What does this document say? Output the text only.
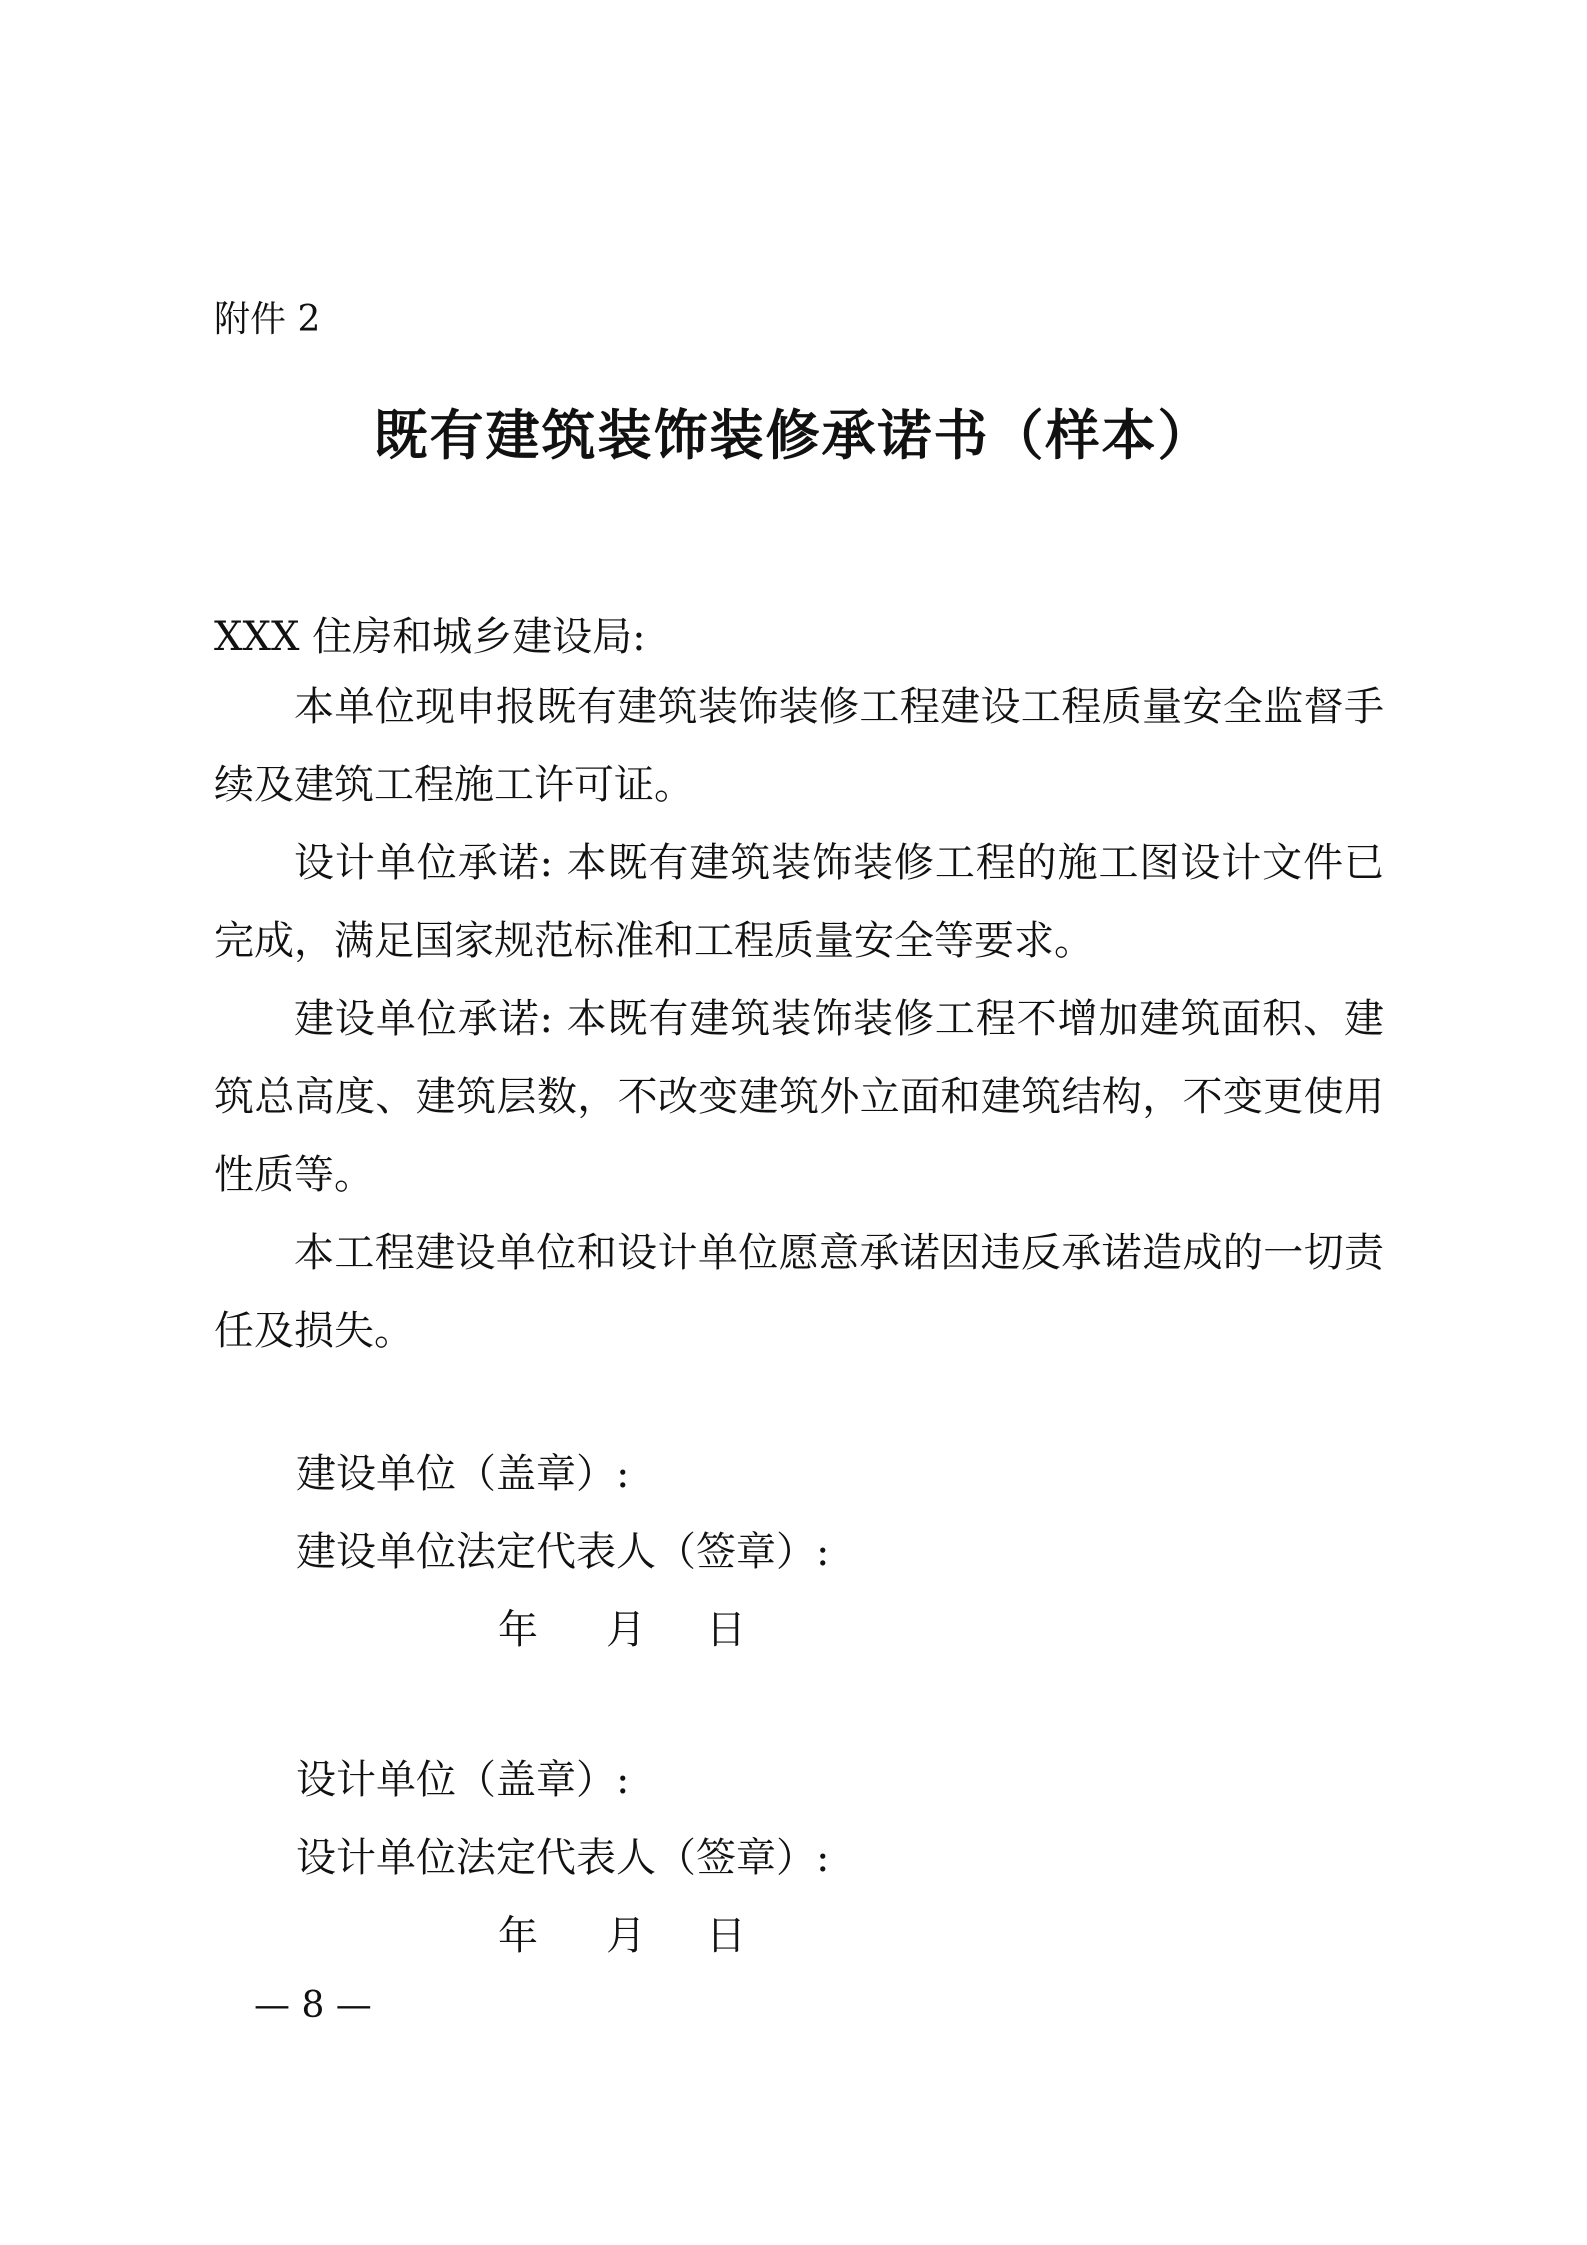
附件 2
既有建筑装饰装修承诺书（样本）
XXX 住房和城乡建设局:
本单位现申报既有建筑装饰装修工程建设工程质量安全监督手续及建筑工程施工许可证。
设计单位承诺: 本既有建筑装饰装修工程的施工图设计文件已完成，满足国家规范标准和工程质量安全等要求。
建设单位承诺: 本既有建筑装饰装修工程不增加建筑面积、建筑总高度、建筑层数，不改变建筑外立面和建筑结构，不变更使用性质等。
本工程建设单位和设计单位愿意承诺因违反承诺造成的一切责任及损失。
建设单位（盖章）:
建设单位法定代表人（签章）:
年 月 日
设计单位（盖章）:
设计单位法定代表人（签章）:
年 月 日
— 8 —
